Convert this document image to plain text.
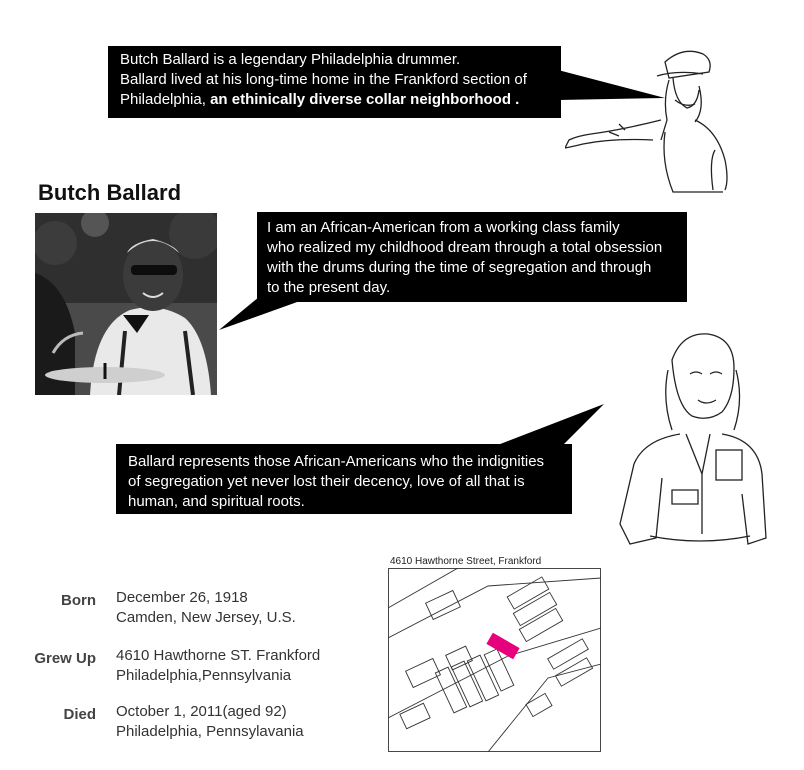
Butch Ballard is a legendary Philadelphia drummer.

Ballard lived at his long-time home in the Frankford section of

Philadelphia, an ethinically diverse collar neighborhood .

Butch Ballard

I am an African-American from a working class family

who realized my childhood dream through a total obsession

with the drums during the time of segregation and through

to the present day.

Ballard represents those African-Americans who the indignities

of segregation yet never lost their decency, love of all that is

human, and spiritual roots.

Born December 26, 1918
Camden, New Jersey, U.S.
Grew Up 4610 Hawthorne ST. Frankford
Philadelphia,Pennsylvania
Died October 1, 2011(aged 92)
Philadelphia, Pennsylavania
4610 Hawthorne Street, Frankford
